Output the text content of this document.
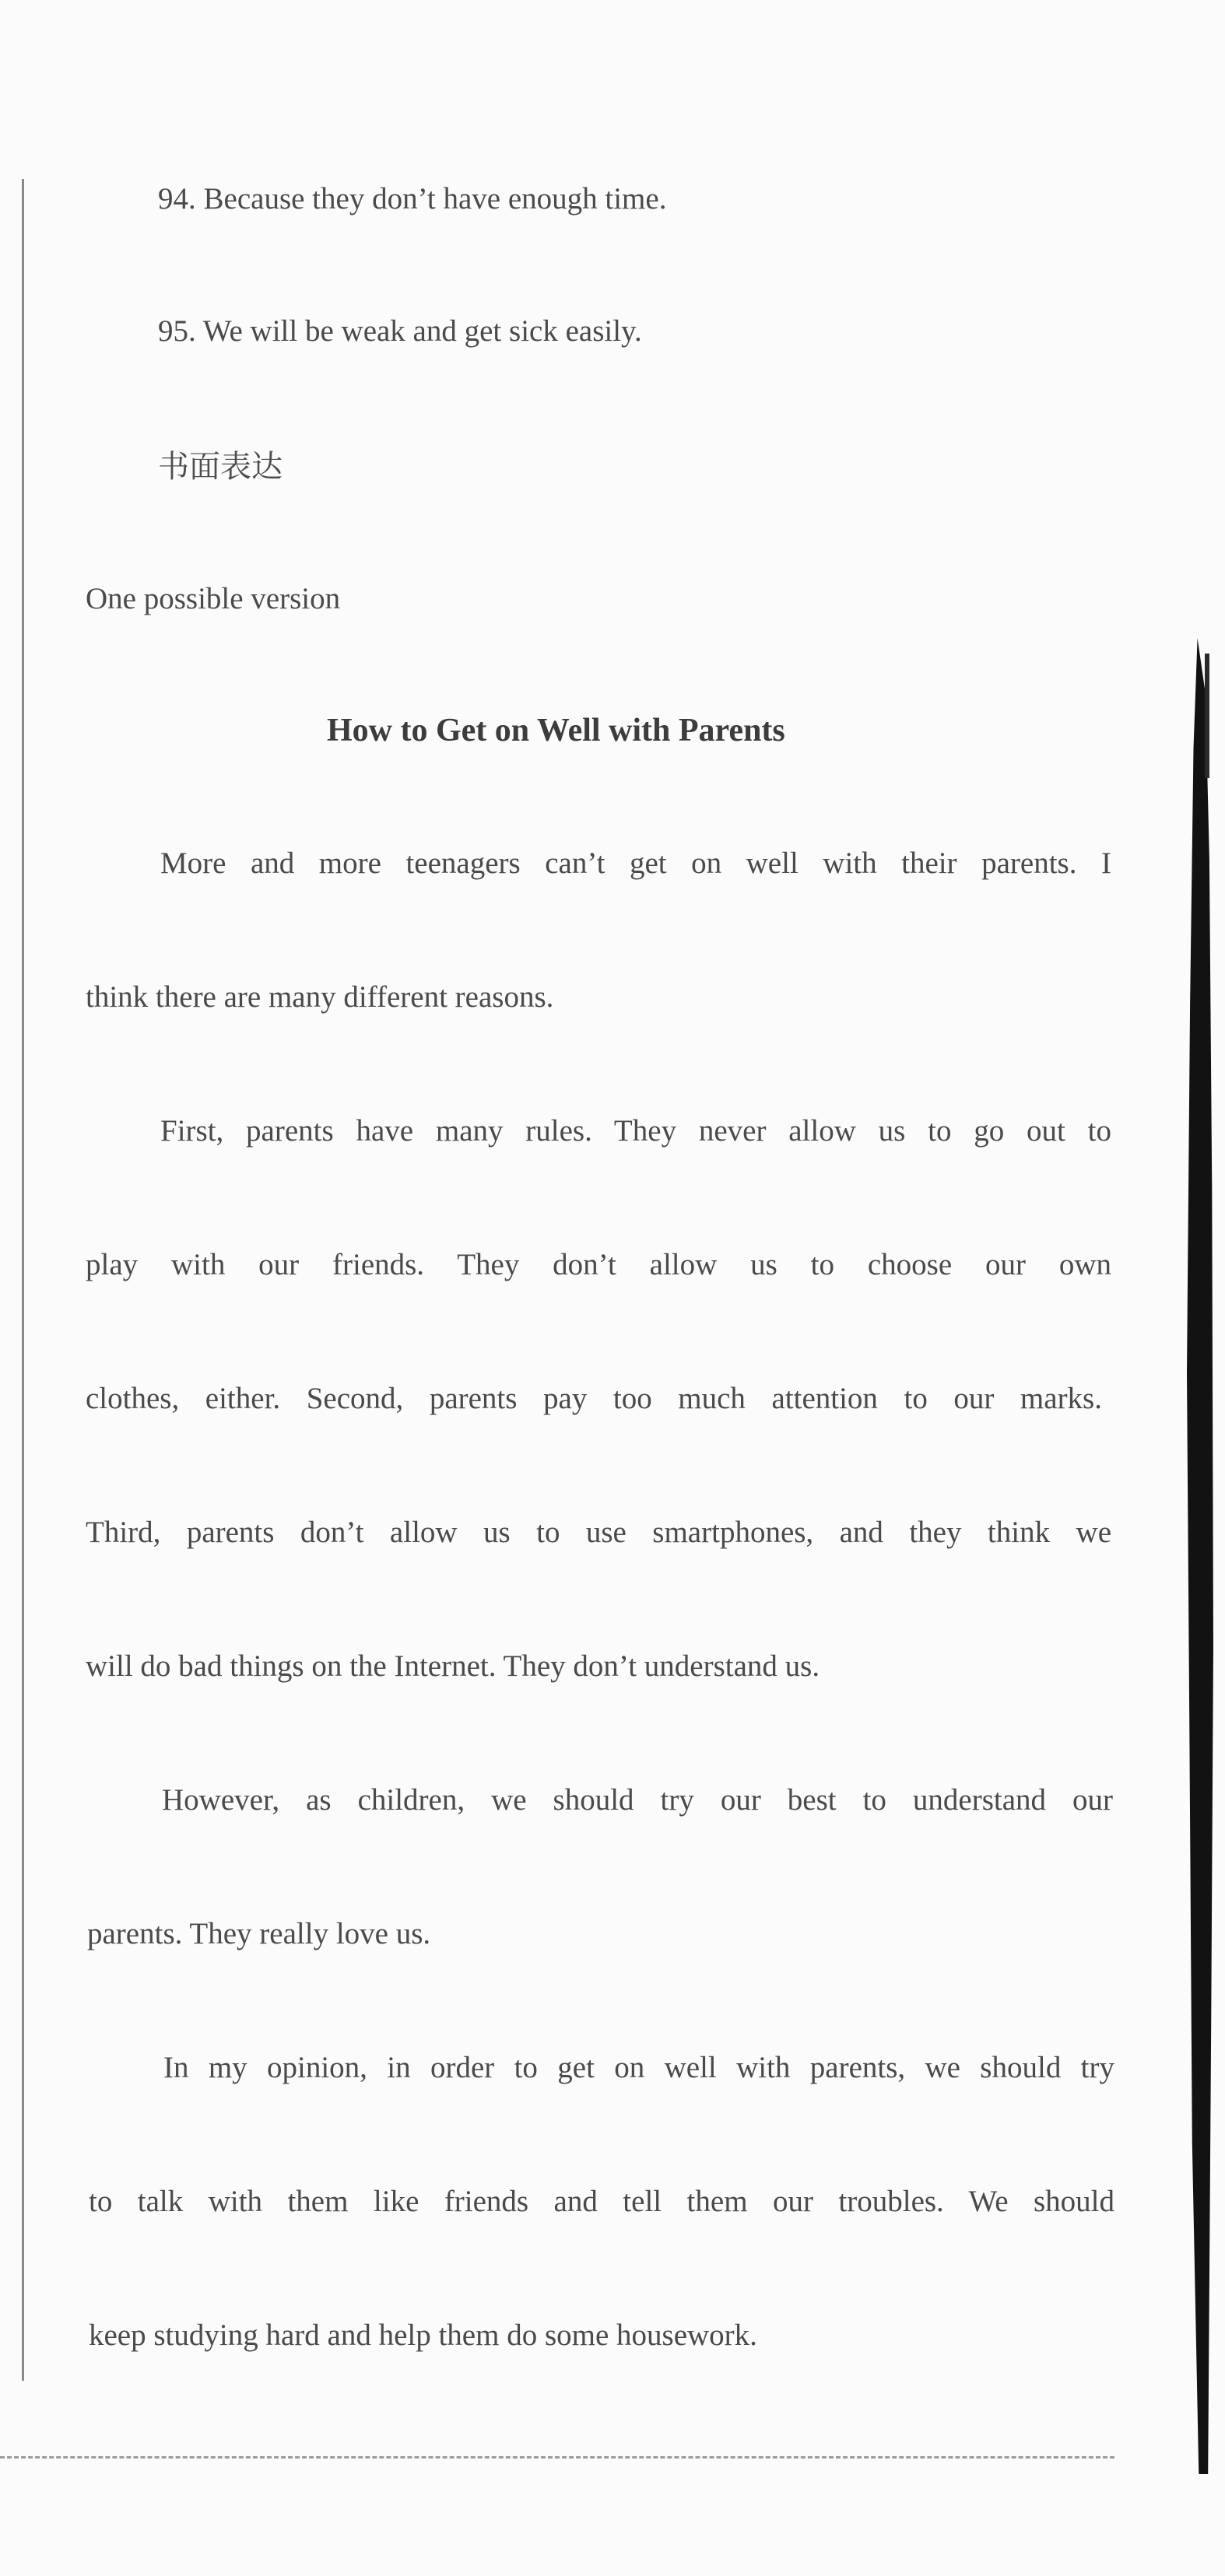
94. Because they don’t have enough time.

95. We will be weak and get sick easily.

书面表达

One possible version

How to Get on Well with Parents

More and more teenagers can’t get on well with their parents. I

think there are many different reasons.

First, parents have many rules. They never allow us to go out to

play with our friends. They don’t allow us to choose our own

clothes, either. Second, parents pay too much attention to our marks.

Third, parents don’t allow us to use smartphones, and they think we

will do bad things on the Internet. They don’t understand us.

However, as children, we should try our best to understand our

parents. They really love us.

In my opinion, in order to get on well with parents, we should try

to talk with them like friends and tell them our troubles. We should

keep studying hard and help them do some housework.
